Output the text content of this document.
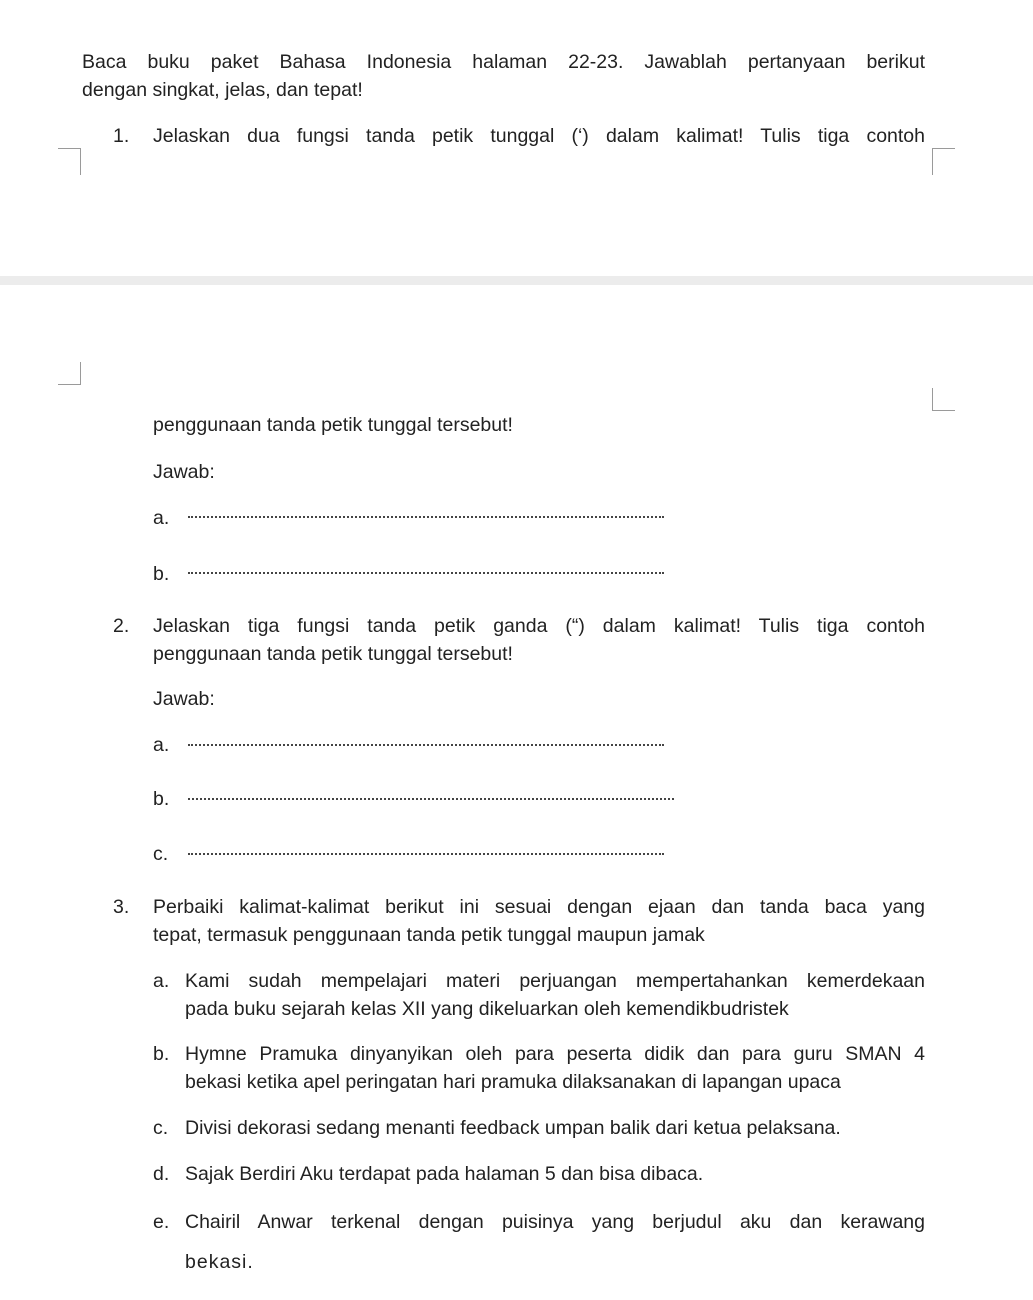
Baca buku paket Bahasa Indonesia halaman 22-23. Jawablah pertanyaan berikut
dengan singkat, jelas, dan tepat!
1. Jelaskan dua fungsi tanda petik tunggal (‘) dalam kalimat! Tulis tiga contoh
penggunaan tanda petik tunggal tersebut!
Jawab:
a.
b.
2. Jelaskan tiga fungsi tanda petik ganda (“) dalam kalimat! Tulis tiga contoh
penggunaan tanda petik tunggal tersebut!
Jawab:
a.
b.
c.
3. Perbaiki kalimat-kalimat berikut ini sesuai dengan ejaan dan tanda baca yang
tepat, termasuk penggunaan tanda petik tunggal maupun jamak
a. Kami sudah mempelajari materi perjuangan mempertahankan kemerdekaan
pada buku sejarah kelas XII yang dikeluarkan oleh kemendikbudristek
b. Hymne Pramuka dinyanyikan oleh para peserta didik dan para guru SMAN 4
bekasi ketika apel peringatan hari pramuka dilaksanakan di lapangan upaca
c. Divisi dekorasi sedang menanti feedback umpan balik dari ketua pelaksana.
d. Sajak Berdiri Aku terdapat pada halaman 5 dan bisa dibaca.
e. Chairil Anwar terkenal dengan puisinya yang berjudul aku dan kerawang
bekasi.
